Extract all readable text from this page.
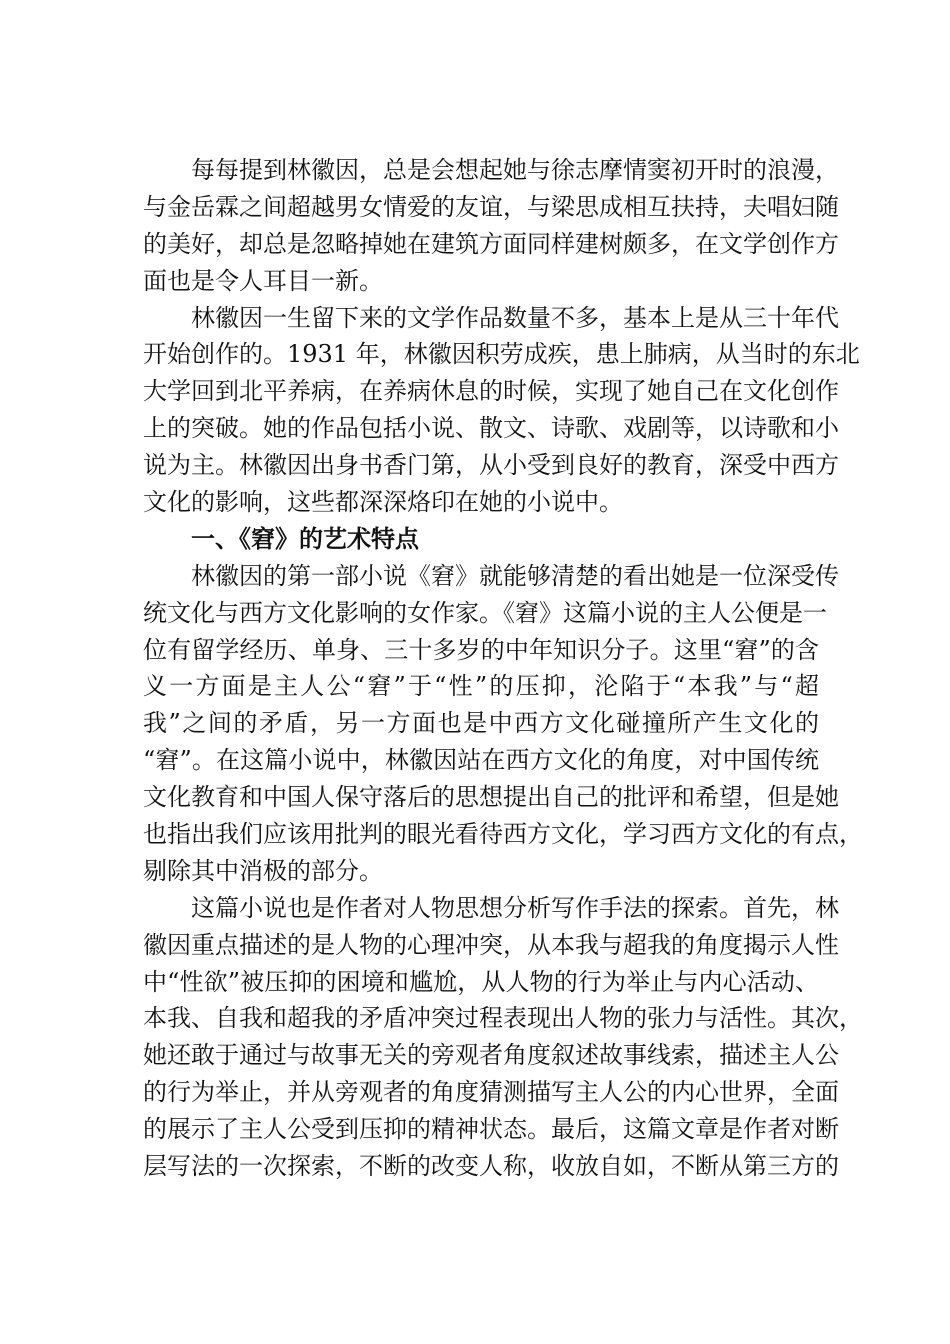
每每提到林徽因，总是会想起她与徐志摩情窦初开时的浪漫，
与金岳霖之间超越男女情爱的友谊，与梁思成相互扶持，夫唱妇随
的美好，却总是忽略掉她在建筑方面同样建树颇多，在文学创作方
面也是令人耳目一新。
林徽因一生留下来的文学作品数量不多，基本上是从三十年代
开始创作的。1931 年，林徽因积劳成疾，患上肺病，从当时的东北
大学回到北平养病，在养病休息的时候，实现了她自己在文化创作
上的突破。她的作品包括小说、散文、诗歌、戏剧等，以诗歌和小
说为主。林徽因出身书香门第，从小受到良好的教育，深受中西方
文化的影响，这些都深深烙印在她的小说中。
一、《窘》的艺术特点
林徽因的第一部小说《窘》就能够清楚的看出她是一位深受传
统文化与西方文化影响的女作家。《窘》这篇小说的主人公便是一
位有留学经历、单身、三十多岁的中年知识分子。这里“窘”的含
义一方面是主人公“窘”于“性”的压抑，沦陷于“本我”与“超
我”之间的矛盾，另一方面也是中西方文化碰撞所产生文化的
“窘”。在这篇小说中，林徽因站在西方文化的角度，对中国传统
文化教育和中国人保守落后的思想提出自己的批评和希望，但是她
也指出我们应该用批判的眼光看待西方文化，学习西方文化的有点，
剔除其中消极的部分。
这篇小说也是作者对人物思想分析写作手法的探索。首先，林
徽因重点描述的是人物的心理冲突，从本我与超我的角度揭示人性
中“性欲”被压抑的困境和尴尬，从人物的行为举止与内心活动、
本我、自我和超我的矛盾冲突过程表现出人物的张力与活性。其次，
她还敢于通过与故事无关的旁观者角度叙述故事线索，描述主人公
的行为举止，并从旁观者的角度猜测描写主人公的内心世界，全面
的展示了主人公受到压抑的精神状态。最后，这篇文章是作者对断
层写法的一次探索，不断的改变人称，收放自如，不断从第三方的
